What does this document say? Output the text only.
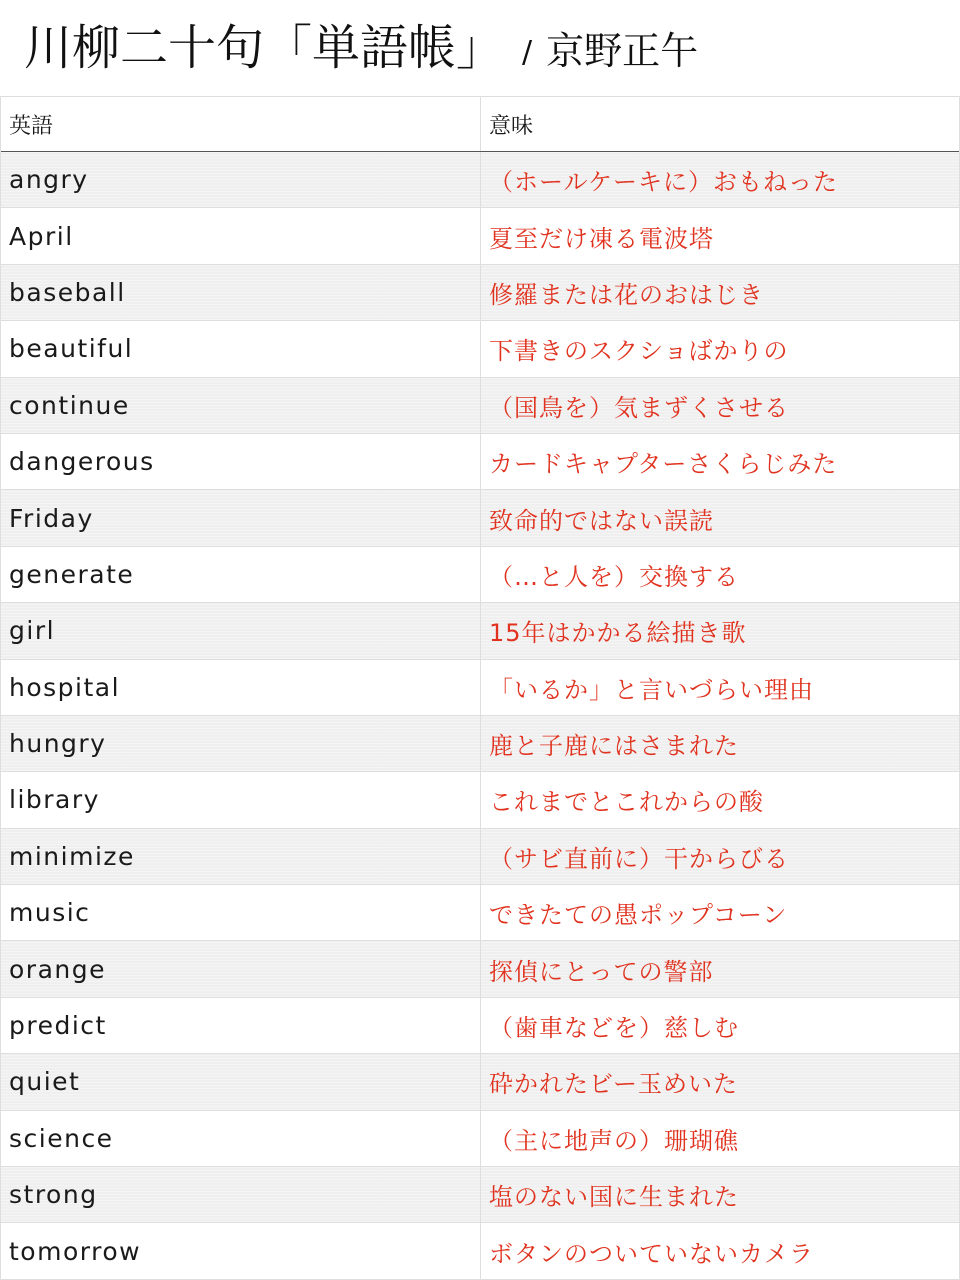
川柳二十句「単語帳」 / 京野正午
英語	意味
angry	（ホールケーキに）おもねった
April	夏至だけ凍る電波塔
baseball	修羅または花のおはじき
beautiful	下書きのスクショばかりの
continue	（国鳥を）気まずくさせる
dangerous	カードキャプターさくらじみた
Friday	致命的ではない誤読
generate	（…と人を）交換する
girl	15年はかかる絵描き歌
hospital	「いるか」と言いづらい理由
hungry	鹿と子鹿にはさまれた
library	これまでとこれからの酸
minimize	（サビ直前に）干からびる
music	できたての愚ポップコーン
orange	探偵にとっての警部
predict	（歯車などを）慈しむ
quiet	砕かれたビー玉めいた
science	（主に地声の）珊瑚礁
strong	塩のない国に生まれた
tomorrow	ボタンのついていないカメラ
